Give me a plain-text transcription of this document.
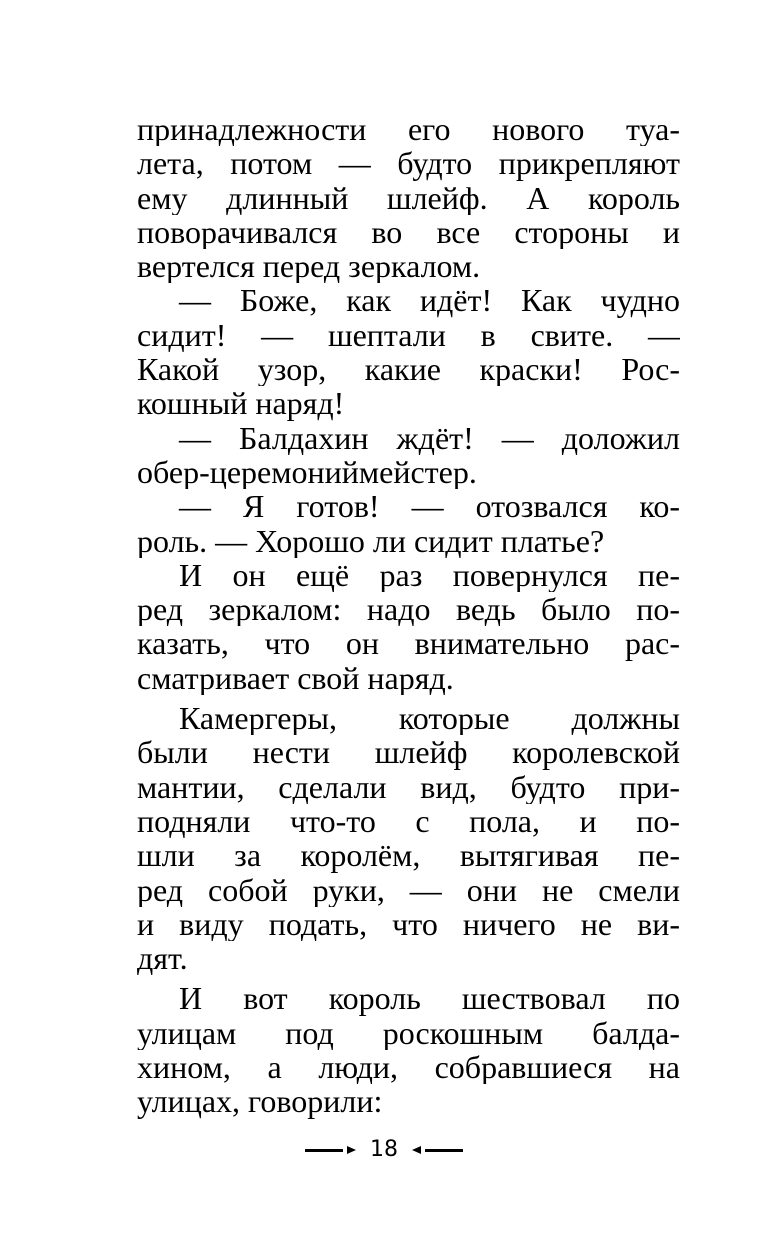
принадлежности его нового туа-
лета, потом — будто прикрепляют
ему длинный шлейф. А король
поворачивался во все стороны и
вертелся перед зеркалом.
— Боже, как идёт! Как чудно
сидит! — шептали в свите. —
Какой узор, какие краски! Рос-
кошный наряд!
— Балдахин ждёт! — доложил
обер-церемониймейстер.
— Я готов! — отозвался ко-
роль. — Хорошо ли сидит платье?
И он ещё раз повернулся пе-
ред зеркалом: надо ведь было по-
казать, что он внимательно рас-
сматривает свой наряд.
Камергеры, которые должны
были нести шлейф королевской
мантии, сделали вид, будто при-
подняли что-то с пола, и по-
шли за королём, вытягивая пе-
ред собой руки, — они не смели
и виду подать, что ничего не ви-
дят.
И вот король шествовал по
улицам под роскошным балда-
хином, а люди, собравшиеся на
улицах, говорили:
18
